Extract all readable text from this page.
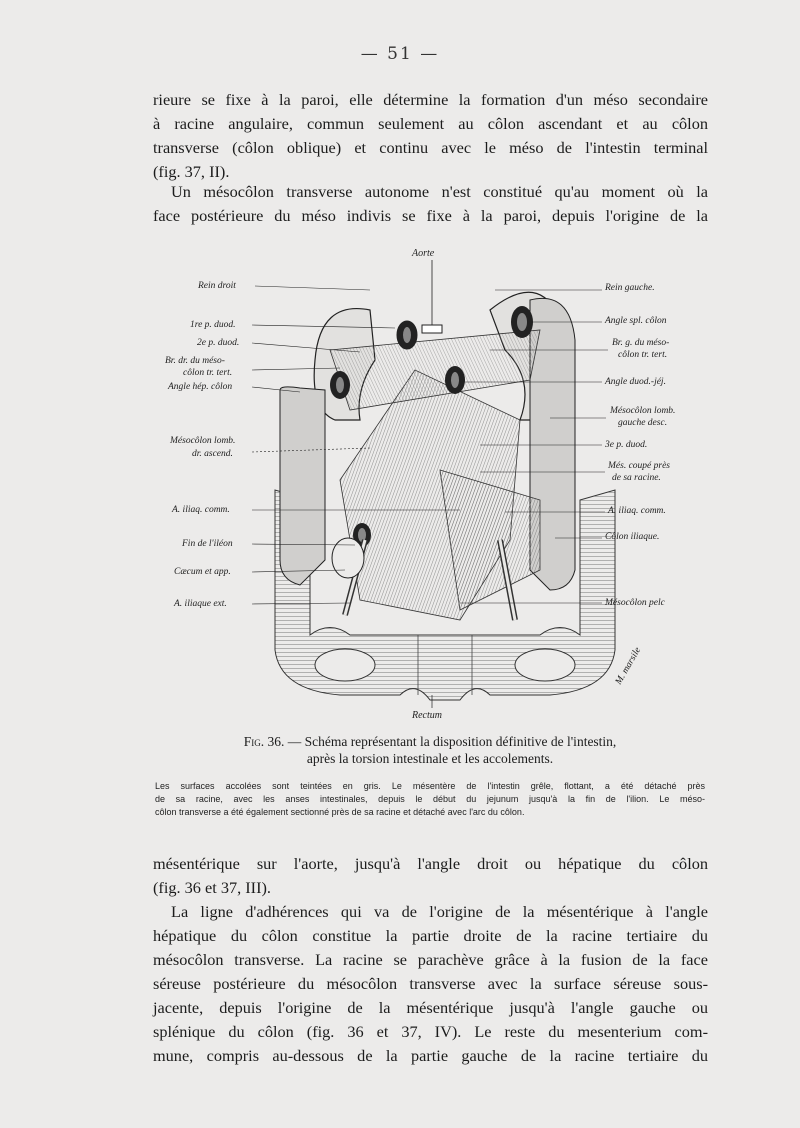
— 51 —
rieure se fixe à la paroi, elle détermine la formation d'un méso secondaire
à racine angulaire, commun seulement au côlon ascendant et au côlon
transverse (côlon oblique) et continu avec le méso de l'intestin terminal
(fig. 37, II).
Un mésocôlon transverse autonome n'est constitué qu'au moment où la
face postérieure du méso indivis se fixe à la paroi, depuis l'origine de la
Aorte
Rectum
M. marsile
Rein droit
1re p. duod.
2e p. duod.
Br. dr. du méso-
côlon tr. tert.
Angle hép. côlon
Mésocôlon lomb.
dr. ascend.
A. iliaq. comm.
Fin de l'iléon
Cæcum et app.
A. iliaque ext.
Rein gauche.
Angle spl. côlon
Br. g. du méso-
côlon tr. tert.
Angle duod.-jéj.
Mésocôlon lomb.
gauche desc.
3e p. duod.
Més. coupé près
de sa racine.
A. iliaq. comm.
Côlon iliaque.
Mésocôlon pelc
Fig. 36. — Schéma représentant la disposition définitive de l'intestin,
après la torsion intestinale et les accolements.
Les surfaces accolées sont teintées en gris. Le mésentère de l'intestin grêle, flottant, a été détaché près
de sa racine, avec les anses intestinales, depuis le début du jejunum jusqu'à la fin de l'ilion. Le méso-
côlon transverse a été également sectionné près de sa racine et détaché avec l'arc du côlon.
mésentérique sur l'aorte, jusqu'à l'angle droit ou hépatique du côlon
(fig. 36 et 37, III).
La ligne d'adhérences qui va de l'origine de la mésentérique à l'angle
hépatique du côlon constitue la partie droite de la racine tertiaire du
mésocôlon transverse. La racine se parachève grâce à la fusion de la face
séreuse postérieure du mésocôlon transverse avec la surface séreuse sous-
jacente, depuis l'origine de la mésentérique jusqu'à l'angle gauche ou
splénique du côlon (fig. 36 et 37, IV). Le reste du mesenterium com-
mune, compris au-dessous de la partie gauche de la racine tertiaire du
